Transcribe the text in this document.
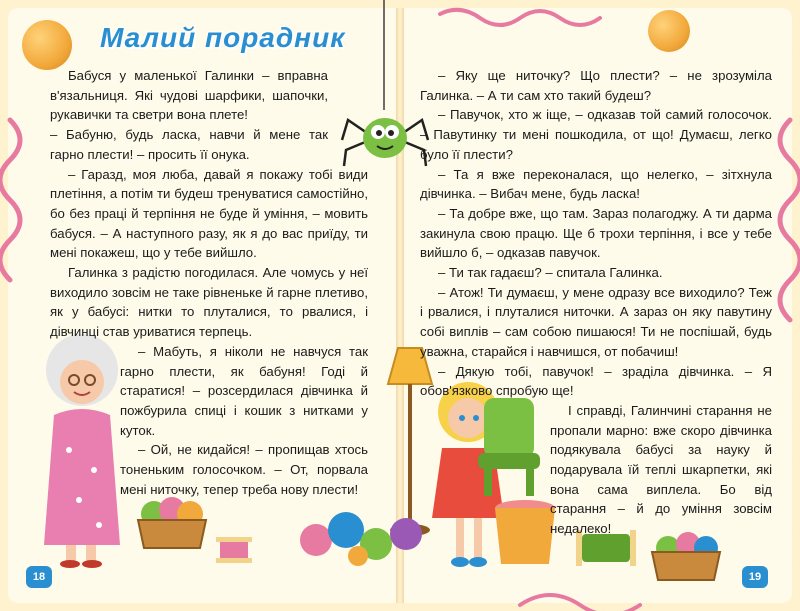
Малий порадник

Бабуся у маленької Галинки – вправна в'язальниця. Які чудові шарфики, шапочки, рукавички та светри вона плете!

– Бабуню, будь ласка, навчи й мене так гарно плести! – просить її онука.

– Гаразд, моя люба, давай я покажу тобі види плетіння, а потім ти будеш тренуватися самостійно, бо без праці й терпіння не буде й уміння, – мовить бабуся. – А наступного разу, як я до вас приїду, ти мені покажеш, що у тебе вийшло.

Галинка з радістю погодилася. Але чомусь у неї виходило зовсім не таке рівненьке й гарне плетиво, як у бабусі: нитки то плуталися, то рвалися, і дівчинці став уриватися терпець.

– Мабуть, я ніколи не навчуся так гарно плести, як бабуня! Годі й старатися! – розсердилася дівчинка й пожбурила спиці і кошик з нитками у куток.

– Ой, не кидайся! – пропищав хтось тоненьким голосочком. – От, порвала мені ниточку, тепер треба нову плести!

– Яку ще ниточку? Що плести? – не зрозуміла Галинка. – А ти сам хто такий будеш?

– Павучок, хто ж іще, – одказав той самий голосочок. – Павутинку ти мені пошкодила, от що! Думаєш, легко було її плести?

– Та я вже переконалася, що нелегко, – зітхнула дівчинка. – Вибач мене, будь ласка!

– Та добре вже, що там. Зараз полагоджу. А ти дарма закинула свою працю. Ще б трохи терпіння, і все у тебе вийшло б, – одказав павучок.

– Ти так гадаєш? – спитала Галинка.

– Атож! Ти думаєш, у мене одразу все виходило? Теж і рвалися, і плуталися ниточки. А зараз он яку павутину собі виплів – сам собою пишаюся! Ти не поспішай, будь уважна, старайся і навчишся, от побачиш!

– Дякую тобі, павучок! – зраділа дівчинка. – Я обов'язково спробую ще!

І справді, Галинчині старання не пропали марно: вже скоро дівчинка подякувала бабусі за науку й подарувала їй теплі шкарпетки, які вона сама виплела. Бо від старання – й до уміння зовсім недалеко!

18	19
